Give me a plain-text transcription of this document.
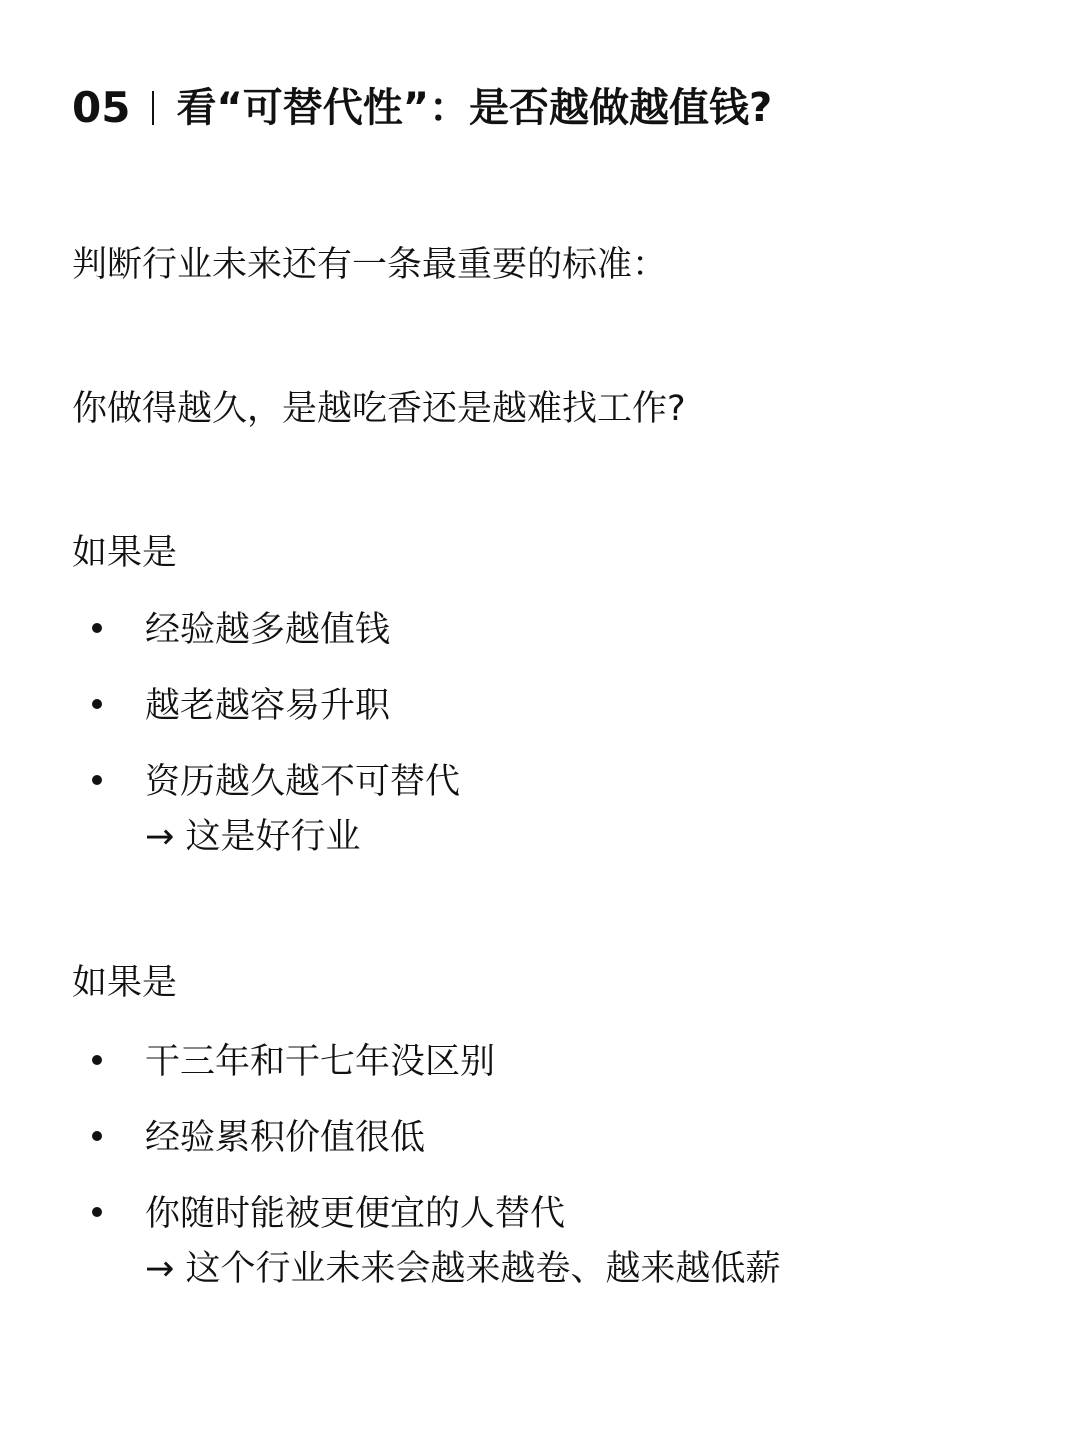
05 看“可替代性”：是否越做越值钱?
判断行业未来还有一条最重要的标准：
你做得越久，是越吃香还是越难找工作?
如果是
经验越多越值钱
越老越容易升职
资历越久越不可替代
→ 这是好行业
如果是
干三年和干七年没区别
经验累积价值很低
你随时能被更便宜的人替代
→ 这个行业未来会越来越卷、越来越低薪
